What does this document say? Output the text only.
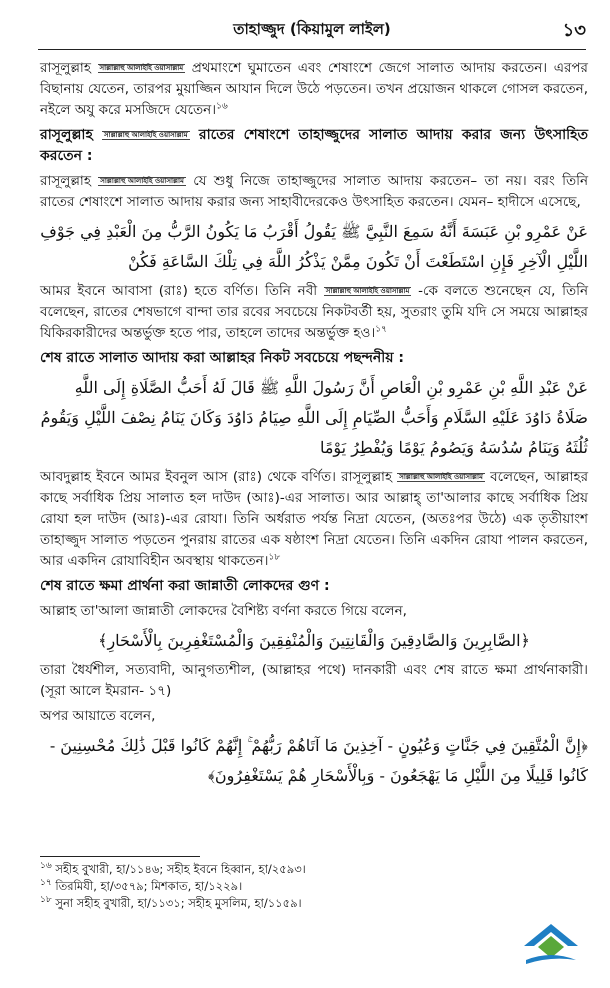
তাহাজ্জুদ (কিয়ামুল লাইল)	১৩

রাসূলুল্লাহ সাল্লাল্লাহু আলাইহি ওয়াসাল্লাম প্রথমাংশে ঘুমাতেন এবং শেষাংশে জেগে সালাত আদায় করতেন। এরপর বিছানায় যেতেন, তারপর মুয়াজ্জিন আযান দিলে উঠে পড়তেন। তখন প্রয়োজন থাকলে গোসল করতেন, নইলে অযু করে মসজিদে যেতেন।$^{১৬}$

রাসূলুল্লাহ সাল্লাল্লাহু আলাইহি ওয়াসাল্লাম রাতের শেষাংশে তাহাজ্জুদের সালাত আদায় করার জন্য উৎসাহিত করতেন :

রাসূলুল্লাহ সাল্লাল্লাহু আলাইহি ওয়াসাল্লাম যে শুধু নিজে তাহাজ্জুদের সালাত আদায় করতেন– তা নয়। বরং তিনি রাতের শেষাংশে সালাত আদায় করার জন্য সাহাবীদেরকেও উৎসাহিত করতেন। যেমন– হাদীসে এসেছে,

عَنْ عَمْرِو بْنِ عَبَسَةَ أَنَّهُ سَمِعَ النَّبِيَّ ﷺ يَقُولُ أَقْرَبُ مَا يَكُونُ الرَّبُّ مِنَ الْعَبْدِ فِي جَوْفِ اللَّيْلِ الْآخِرِ فَإِنِ اسْتَطَعْتَ أَنْ تَكُونَ مِمَّنْ يَذْكُرُ اللَّهَ فِي تِلْكَ السَّاعَةِ فَكُنْ

আমর ইবনে আবাসা (রাঃ) হতে বর্ণিত। তিনি নবী সাল্লাল্লাহু আলাইহি ওয়াসাল্লাম -কে বলতে শুনেছেন যে, তিনি বলেছেন, রাতের শেষভাগে বান্দা তার রবের সবচেয়ে নিকটবর্তী হয়, সুতরাং তুমি যদি সে সময়ে আল্লাহর যিকিরকারীদের অন্তর্ভুক্ত হতে পার, তাহলে তাদের অন্তর্ভুক্ত হও।$^{১৭}$

শেষ রাতে সালাত আদায় করা আল্লাহর নিকট সবচেয়ে পছন্দনীয় :

عَنْ عَبْدِ اللَّهِ بْنِ عَمْرِو بْنِ الْعَاصِ أَنَّ رَسُولَ اللَّهِ ﷺ قَالَ لَهُ أَحَبُّ الصَّلَاةِ إِلَى اللَّهِ صَلَاةُ دَاوُدَ عَلَيْهِ السَّلَامِ وَأَحَبُّ الصِّيَامِ إِلَى اللَّهِ صِيَامُ دَاوُدَ وَكَانَ يَنَامُ نِصْفَ اللَّيْلِ وَيَقُومُ ثُلُثَهُ وَيَنَامُ سُدُسَهُ وَيَصُومُ يَوْمًا وَيُفْطِرُ يَوْمًا

আবদুল্লাহ ইবনে আমর ইবনুল আস (রাঃ) থেকে বর্ণিত। রাসূলুল্লাহ সাল্লাল্লাহু আলাইহি ওয়াসাল্লাম বলেছেন, আল্লাহর কাছে সর্বাধিক প্রিয় সালাত হল দাউদ (আঃ)-এর সালাত। আর আল্লাহ্ তা'আলার কাছে সর্বাধিক প্রিয় রোযা হল দাউদ (আঃ)-এর রোযা। তিনি অর্ধরাত পর্যন্ত নিদ্রা যেতেন, (অতঃপর উঠে) এক তৃতীয়াংশ তাহাজ্জুদ সালাত পড়তেন পুনরায় রাতের এক ষষ্ঠাংশ নিদ্রা যেতেন। তিনি একদিন রোযা পালন করতেন, আর একদিন রোযাবিহীন অবস্থায় থাকতেন।$^{১৮}$

শেষ রাতে ক্ষমা প্রার্থনা করা জান্নাতী লোকদের গুণ :

আল্লাহ তা'আলা জান্নাতী লোকদের বৈশিষ্ট্য বর্ণনা করতে গিয়ে বলেন,

﴿الصَّابِرِينَ وَالصَّادِقِينَ وَالْقَانِتِينَ وَالْمُنْفِقِينَ وَالْمُسْتَغْفِرِينَ بِالْأَسْحَارِ﴾

তারা ধৈর্যশীল, সত্যবাদী, আনুগত্যশীল, (আল্লাহর পথে) দানকারী এবং শেষ রাতে ক্ষমা প্রার্থনাকারী। (সূরা আলে ইমরান- ১৭)

অপর আয়াতে বলেন,

﴿إِنَّ الْمُتَّقِينَ فِي جَنَّاتٍ وَعُيُونٍ - آخِذِينَ مَا آتَاهُمْ رَبُّهُمْ ۚ إِنَّهُمْ كَانُوا قَبْلَ ذَٰلِكَ مُحْسِنِينَ - كَانُوا قَلِيلًا مِنَ اللَّيْلِ مَا يَهْجَعُونَ - وَبِالْأَسْحَارِ هُمْ يَسْتَغْفِرُونَ﴾
$^{১৬}$ সহীহ বুখারী, হা/১১৪৬; সহীহ ইবনে হিব্বান, হা/২৫৯৩।
$^{১৭}$ তিরমিযী, হা/৩৫৭৯; মিশকাত, হা/১২২৯।
$^{১৮}$ সুনা সহীহ বুখারী, হা/১১৩১; সহীহ মুসলিম, হা/১১৫৯।
